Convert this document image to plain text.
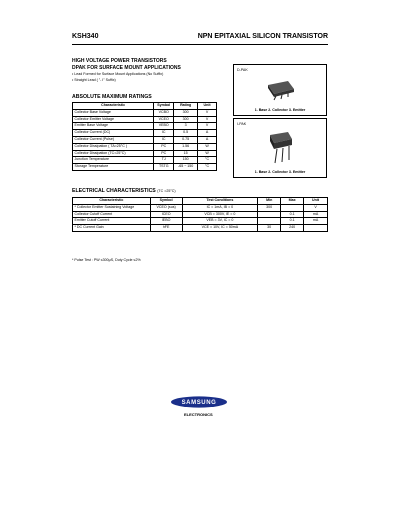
KSH340	NPN EPITAXIAL SILICON TRANSISTOR
HIGH VOLTAGE POWER TRANSISTORS
DPAK FOR SURFACE MOUNT APPLICATIONS
• Lead Formed for Surface Mount Applications (No Suffix)
• Straight Lead ( "- I" Suffix)
ABSOLUTE MAXIMUM RATINGS
Characteristic	Symbol	Rating	Unit
Collector Base Voltage	VCBO	300	V
Collector Emitter Voltage	VCEO	300	V
Emitter Base Voltage	VEBO	3	V
Collector Current (DC)	IC	0.5	A
Collector Current (Pulse)	IC	0.75	A
Collector Dissipation ( TA=25°C )	PC	1.56	W
Collector Dissipation (TC=25°C)	PC	15	W
Junction Temperature	TJ	150	°C
Storage Temperature	TSTG	-65 ~ 150	°C
D-PAK
1. Base 2. Collector 3. Emitter
I-PAK
1. Base 2. Collector 3. Emitter
ELECTRICAL CHARACTERISTICS (TC =25°C)
Characteristic	Symbol	Test Conditions	Min	Max	Unit
* Collector Emitter Sustaining Voltage	VCEO (sus)	IC = 1mA, IB = 0	300		V
Collector Cutoff Current	ICEO	VCB = 300V, IE = 0		0.1	mA
Emitter Cutoff Current	IEBO	VEB = 3V, IC = 0		0.1	mA
* DC Current Gain	hFE	VCE = 10V, IC = 50mA	30	240	
* Pulse Test : PW ≤300μS, Duty Cycle ≤2%
SAMSUNG
ELECTRONICS
